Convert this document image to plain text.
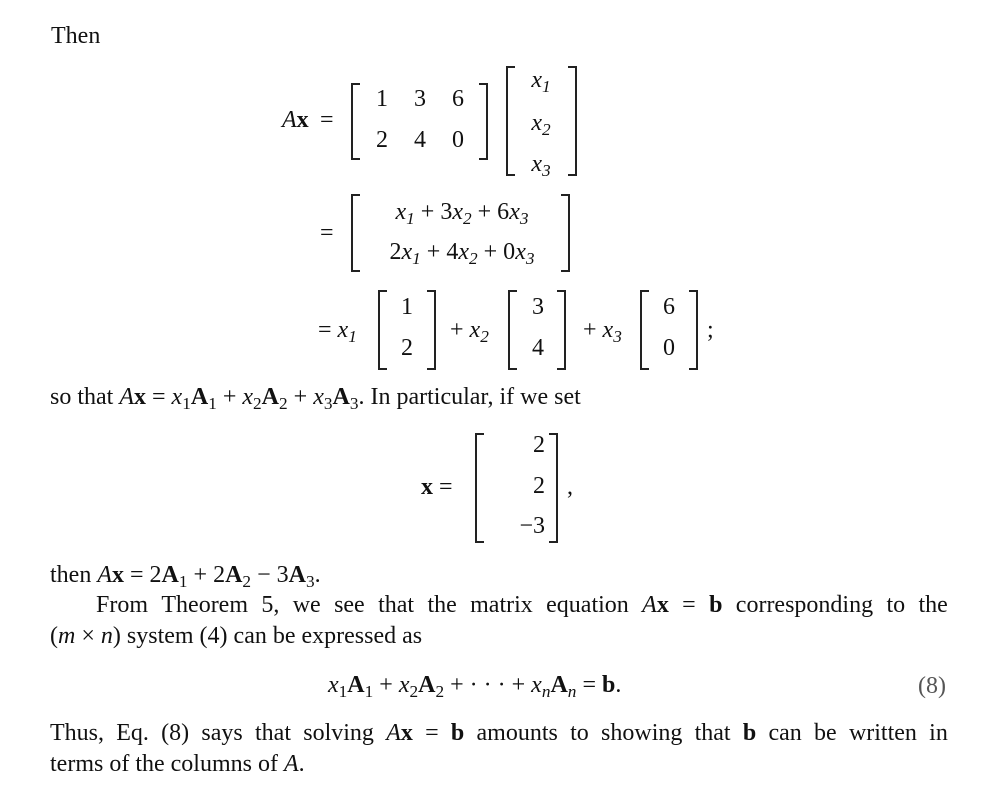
Then
Ax =
1 3 6
2 4 0
$x_1$
$x_2$
$x_3$
=
$x_1 + 3x_2 + 6x_3$
$2x_1 + 4x_2 + 0x_3$
= $x_1$
1
2
+ $x_2$
3
4
+ $x_3$
6
0
;
so that $Ax = x_1A_1 + x_2A_2 + x_3A_3$. In particular, if we set
x =
2
2
−3
,
then $Ax = 2A_1 + 2A_2 - 3A_3$.
From Theorem 5, we see that the matrix equation Ax = b corresponding to the
(m × n) system (4) can be expressed as
$x_1A_1 + x_2A_2$ + · · · + $x_nA_n = b$.	(8)
Thus, Eq. (8) says that solving Ax = b amounts to showing that b can be written in
terms of the columns of A.
